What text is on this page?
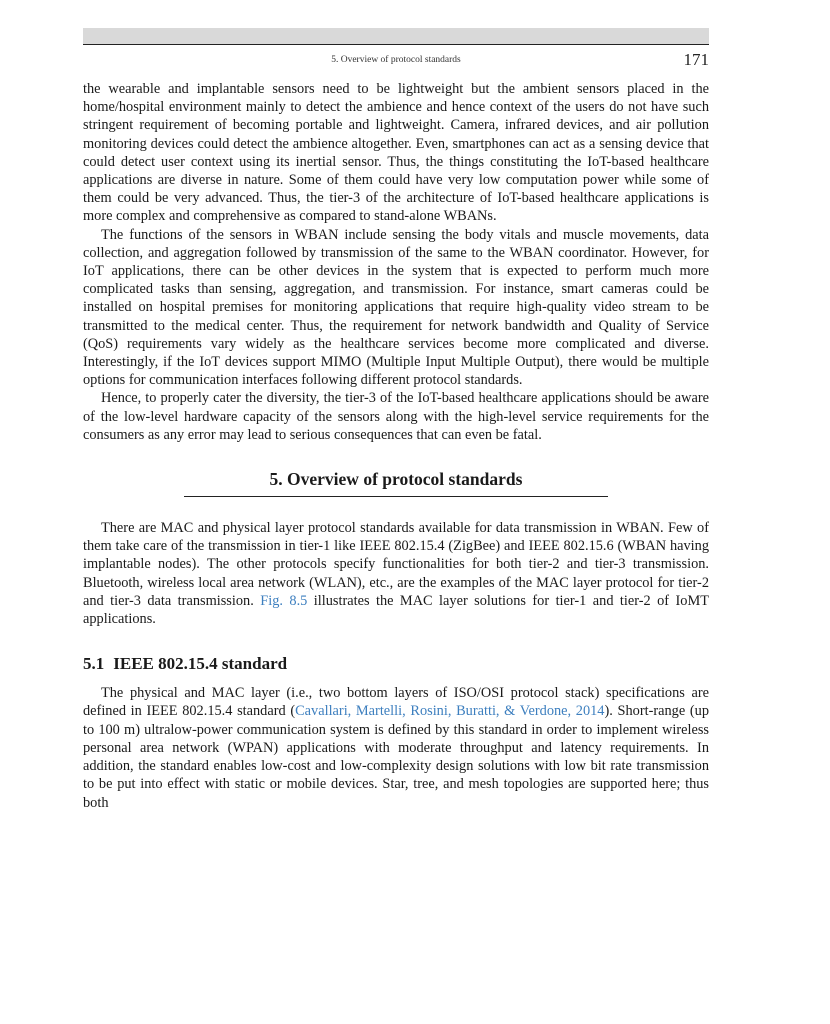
5. Overview of protocol standards	171

the wearable and implantable sensors need to be lightweight but the ambient sensors placed in the home/hospital environment mainly to detect the ambience and hence context of the users do not have such stringent requirement of becoming portable and lightweight. Camera, infrared devices, and air pollution monitoring devices could detect the ambience altogether. Even, smartphones can act as a sensing device that could detect user context using its inertial sensor. Thus, the things constituting the IoT-based healthcare applications are diverse in nature. Some of them could have very low computation power while some of them could be very advanced. Thus, the tier-3 of the architecture of IoT-based healthcare applications is more complex and comprehensive as compared to stand-alone WBANs.

The functions of the sensors in WBAN include sensing the body vitals and muscle movements, data collection, and aggregation followed by transmission of the same to the WBAN coordinator. However, for IoT applications, there can be other devices in the system that is expected to perform much more complicated tasks than sensing, aggregation, and transmission. For instance, smart cameras could be installed on hospital premises for monitoring applications that require high-quality video stream to be transmitted to the medical center. Thus, the requirement for network bandwidth and Quality of Service (QoS) requirements vary widely as the healthcare services become more complicated and diverse. Interestingly, if the IoT devices support MIMO (Multiple Input Multiple Output), there would be multiple options for communication interfaces following different protocol standards.

Hence, to properly cater the diversity, the tier-3 of the IoT-based healthcare applications should be aware of the low-level hardware capacity of the sensors along with the high-level service requirements for the consumers as any error may lead to serious consequences that can even be fatal.

5. Overview of protocol standards

There are MAC and physical layer protocol standards available for data transmission in WBAN. Few of them take care of the transmission in tier-1 like IEEE 802.15.4 (ZigBee) and IEEE 802.15.6 (WBAN having implantable nodes). The other protocols specify functionalities for both tier-2 and tier-3 transmission. Bluetooth, wireless local area network (WLAN), etc., are the examples of the MAC layer protocol for tier-2 and tier-3 data transmission. Fig. 8.5 illustrates the MAC layer solutions for tier-1 and tier-2 of IoMT applications.

5.1 IEEE 802.15.4 standard

The physical and MAC layer (i.e., two bottom layers of ISO/OSI protocol stack) specifications are defined in IEEE 802.15.4 standard (Cavallari, Martelli, Rosini, Buratti, & Verdone, 2014). Short-range (up to 100 m) ultralow-power communication system is defined by this standard in order to implement wireless personal area network (WPAN) applications with moderate throughput and latency requirements. In addition, the standard enables low-cost and low-complexity design solutions with low bit rate transmission to be put into effect with static or mobile devices. Star, tree, and mesh topologies are supported here; thus both
